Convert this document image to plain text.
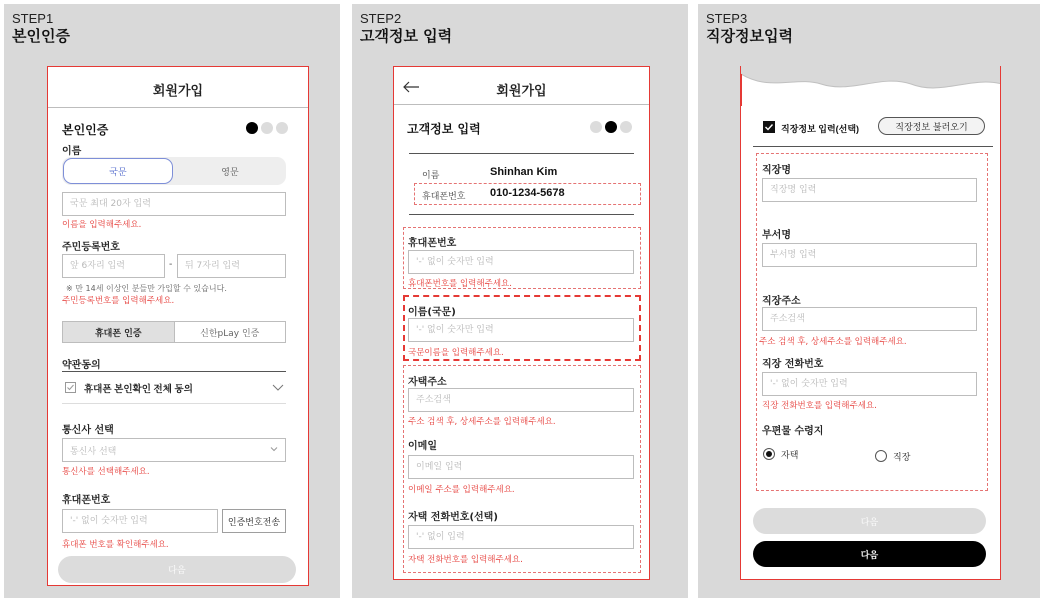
STEP1
본인인증
회원가입
본인인증
이름
국문	영문
국문 최대 20자 입력
이름을 입력해주세요.
주민등록번호
앞 6자리 입력
-
뒤 7자리 입력
※ 만 14세 이상인 분들만 가입할 수 있습니다.
주민등록번호를 입력해주세요.
휴대폰 인증	신한pLay 인증
약관동의
휴대폰 본인확인 전체 동의
통신사 선택
통신사 선택
통신사를 선택해주세요.
휴대폰번호
'-' 없이 숫자만 입력
인증번호전송
휴대폰 번호를 확인해주세요.
다음
STEP2
고객정보 입력
회원가입
고객정보 입력
이름	Shinhan Kim
휴대폰번호 010-1234-5678
휴대폰번호
'-' 없이 숫자만 입력
휴대폰번호를 입력해주세요.
이름(국문)
'-' 없이 숫자만 입력
국문이름을 입력해주세요.
자택주소
주소검색
주소 검색 후, 상세주소를 입력해주세요.
이메일
이메일 입력
이메일 주소를 입력해주세요.
자택 전화번호(선택)
'-' 없이 입력
자택 전화번호를 입력해주세요.
STEP3
직장정보입력
직장정보 입력(선택)	직장정보 불러오기
직장명
직장명 입력
부서명
부서명 입력
직장주소
주소검색
주소 검색 후, 상세주소를 입력해주세요.
직장 전화번호
'-' 없이 숫자만 입력
직장 전화번호를 입력해주세요.
우편물 수령지
자택	직장
다음
다음
